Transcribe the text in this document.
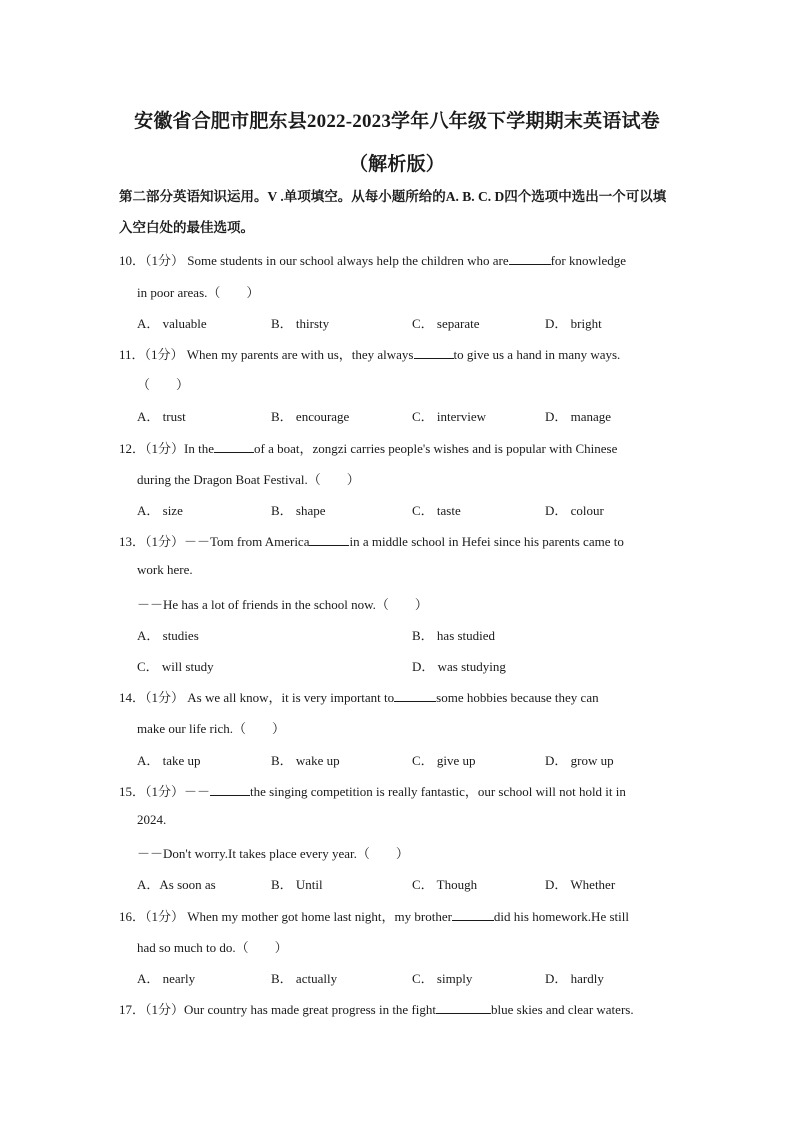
安徽省合肥市肥东县2022-2023学年八年级下学期期末英语试卷
（解析版）
第二部分英语知识运用。V .单项填空。从每小题所给的A. B. C. D四个选项中选出一个可以填入空白处的最佳选项。
10．（1分） Some students in our school always help the children who are	for knowledge
in poor areas.（　　）
A． valuable	B． thirsty	C． separate	D． bright
11．（1分） When my parents are with us，they always	to give us a hand in many ways.
（　　）
A． trust	B． encourage	C． interview	D． manage
12．（1分）In the	of a boat，zongzi carries people's wishes and is popular with Chinese
during the Dragon Boat Festival.（　　）
A． size	B． shape	C． taste	D． colour
13．（1分）－－Tom from America	in a middle school in Hefei since his parents came to
work here.
－－He has a lot of friends in the school now.（　　）
A． studies	B． has studied
C． will study	D． was studying
14．（1分） As we all know，it is very important to	some hobbies because they can
make our life rich.（　　）
A． take up	B． wake up	C． give up	D． grow up
15．（1分）－－	the singing competition is really fantastic，our school will not hold it in
2024.
－－Don't worry.It takes place every year.（　　）
A．As soon as	B． Until	C． Though	D． Whether
16．（1分） When my mother got home last night，my brother	did his homework.He still
had so much to do.（　　）
A． nearly	B． actually	C． simply	D． hardly
17．（1分）Our country has made great progress in the fight	blue skies and clear waters.
